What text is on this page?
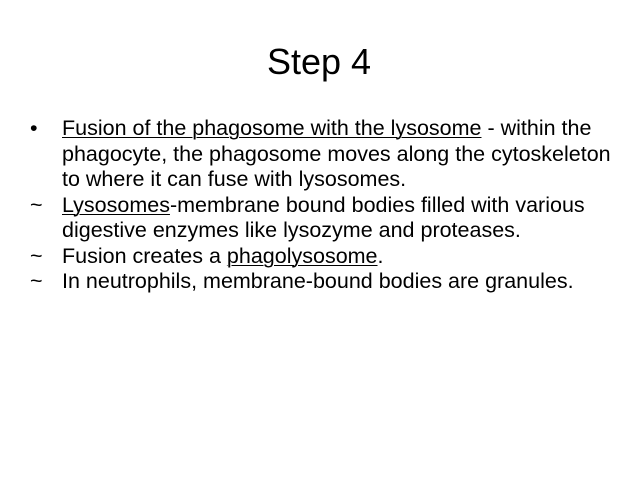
Step 4

• Fusion of the phagosome with the lysosome - within the phagocyte, the phagosome moves along the cytoskeleton to where it can fuse with lysosomes.

~ Lysosomes-membrane bound bodies filled with various digestive enzymes like lysozyme and proteases.

~ Fusion creates a phagolysosome.

~ In neutrophils, membrane-bound bodies are granules.
